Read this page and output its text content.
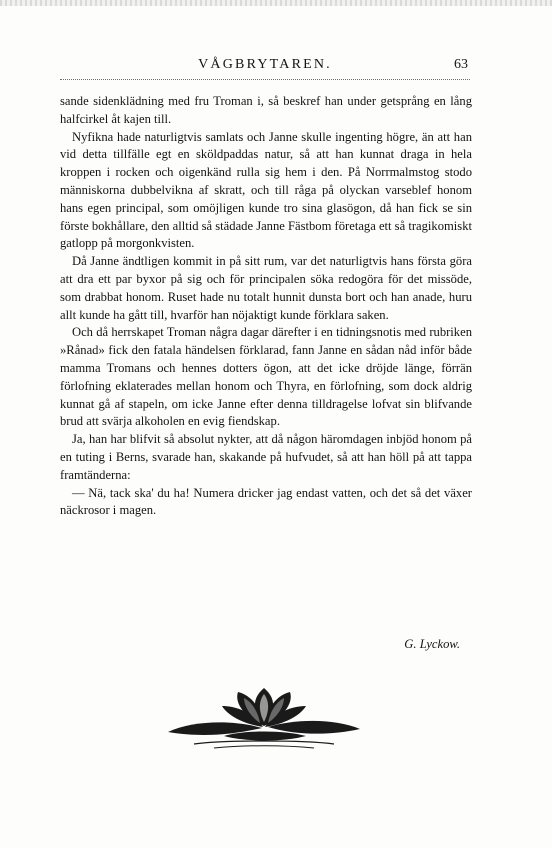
VÅGBRYTAREN.	63

sande sidenklädning med fru Troman i, så beskref han under getsprång en lång halfcirkel åt kajen till.

Nyfikna hade naturligtvis samlats och Janne skulle ingenting högre, än att han vid detta tillfälle egt en sköldpaddas natur, så att han kunnat draga in hela kroppen i rocken och oigenkänd rulla sig hem i den. På Norrmalmstog stodo människorna dubbelvikna af skratt, och till råga på olyckan varseblef honom hans egen principal, som omöjligen kunde tro sina glasögon, då han fick se sin förste bokhållare, den alltid så städade Janne Fästbom företaga ett så tragikomiskt gatlopp på morgonkvisten.

Då Janne ändtligen kommit in på sitt rum, var det naturligtvis hans första göra att dra ett par byxor på sig och för principalen söka redogöra för det missöde, som drabbat honom. Ruset hade nu totalt hunnit dunsta bort och han anade, huru allt kunde ha gått till, hvarför han nöjaktigt kunde förklara saken.

Och då herrskapet Troman några dagar därefter i en tidningsnotis med rubriken »Rånad» fick den fatala händelsen förklarad, fann Janne en sådan nåd inför både mamma Tromans och hennes dotters ögon, att det icke dröjde länge, förrän förlofning eklaterades mellan honom och Thyra, en förlofning, som dock aldrig kunnat gå af stapeln, om icke Janne efter denna tilldragelse lofvat sin blifvande brud att svärja alkoholen en evig fiendskap.

Ja, han har blifvit så absolut nykter, att då någon häromdagen inbjöd honom på en tuting i Berns, svarade han, skakande på hufvudet, så att han höll på att tappa framtänderna:

— Nä, tack ska' du ha! Numera dricker jag endast vatten, och det så det växer näckrosor i magen.

G. Lyckow.
